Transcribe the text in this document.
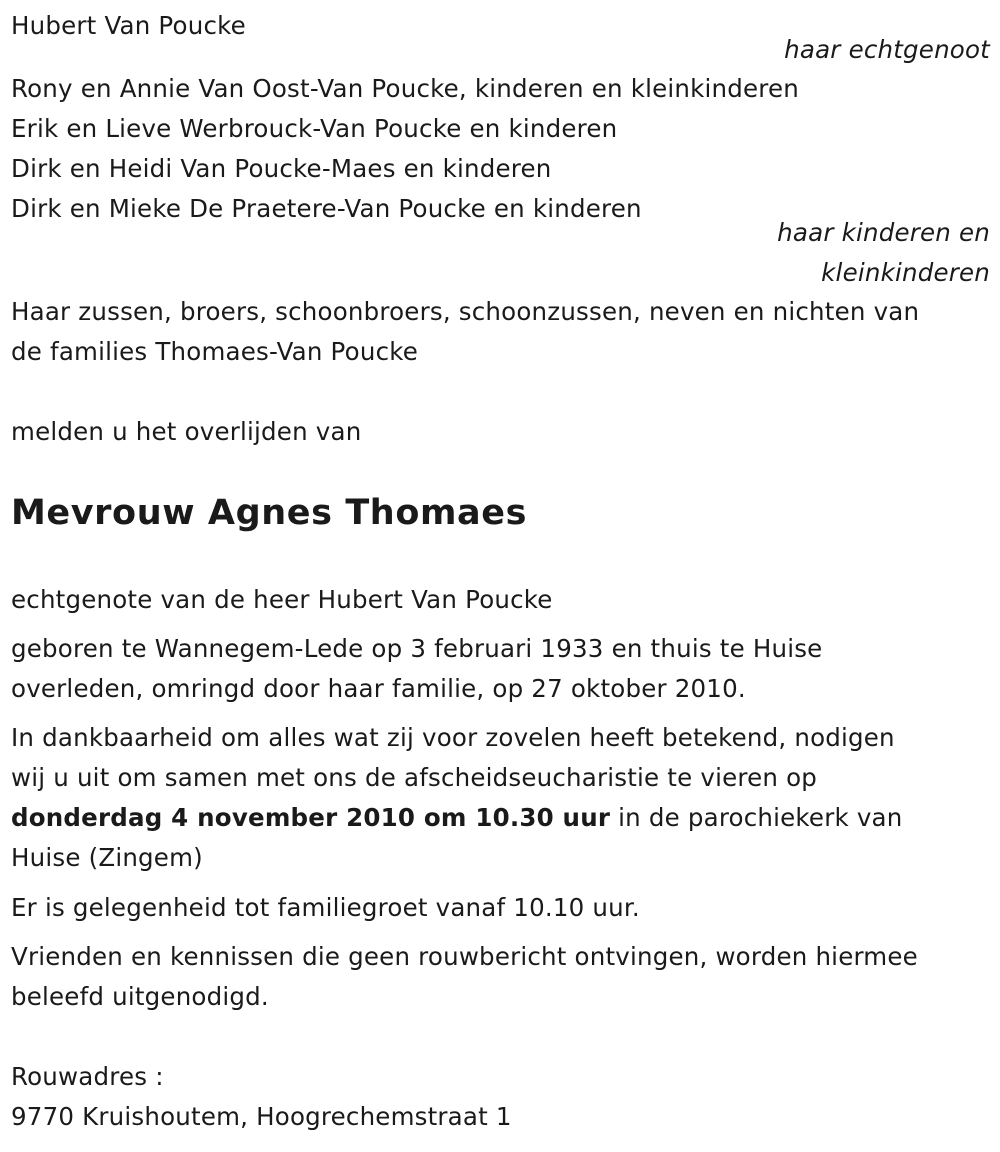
Hubert Van Poucke
haar echtgenoot
Rony en Annie Van Oost-Van Poucke, kinderen en kleinkinderen
Erik en Lieve Werbrouck-Van Poucke en kinderen
Dirk en Heidi Van Poucke-Maes en kinderen
Dirk en Mieke De Praetere-Van Poucke en kinderen
haar kinderen en
kleinkinderen
Haar zussen, broers, schoonbroers, schoonzussen, neven en nichten van
de families Thomaes-Van Poucke
melden u het overlijden van
Mevrouw Agnes Thomaes
echtgenote van de heer Hubert Van Poucke
geboren te Wannegem-Lede op 3 februari 1933 en thuis te Huise
overleden, omringd door haar familie, op 27 oktober 2010.
In dankbaarheid om alles wat zij voor zovelen heeft betekend, nodigen
wij u uit om samen met ons de afscheidseucharistie te vieren op
donderdag 4 november 2010 om 10.30 uur in de parochiekerk van
Huise (Zingem)
Er is gelegenheid tot familiegroet vanaf 10.10 uur.
Vrienden en kennissen die geen rouwbericht ontvingen, worden hiermee
beleefd uitgenodigd.
Rouwadres :
9770 Kruishoutem, Hoogrechemstraat 1
